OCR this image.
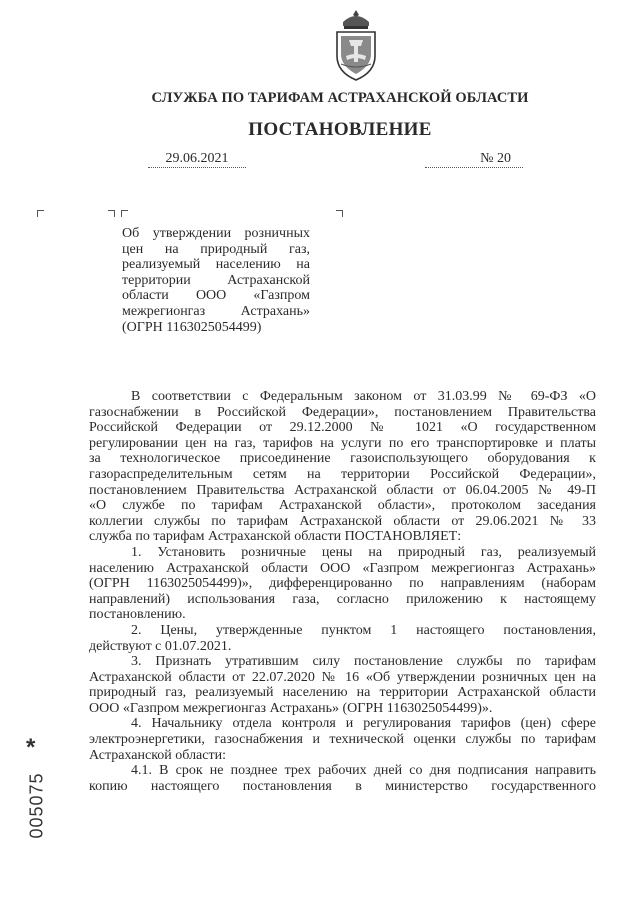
СЛУЖБА ПО ТАРИФАМ АСТРАХАНСКОЙ ОБЛАСТИ
ПОСТАНОВЛЕНИЕ
29.06.2021	№ 20
Об утверждении розничных
цен на природный газ,
реализуемый населению на
территории Астраханской
области ООО «Газпром
межрегионгаз Астрахань»
(ОГРН 1163025054499)
В соответствии с Федеральным законом от 31.03.99 № 69-ФЗ «О
газоснабжении в Российской Федерации», постановлением Правительства
Российской Федерации от 29.12.2000 № 1021 «О государственном
регулировании цен на газ, тарифов на услуги по его транспортировке и платы
за технологическое присоединение газоиспользующего оборудования к
газораспределительным сетям на территории Российской Федерации»,
постановлением Правительства Астраханской области от 06.04.2005 № 49-П
«О службе по тарифам Астраханской области», протоколом заседания
коллегии службы по тарифам Астраханской области от 29.06.2021 № 33
служба по тарифам Астраханской области ПОСТАНОВЛЯЕТ:
1. Установить розничные цены на природный газ, реализуемый
населению Астраханской области ООО «Газпром межрегионгаз Астрахань»
(ОГРН 1163025054499)», дифференцированно по направлениям (наборам
направлений) использования газа, согласно приложению к настоящему
постановлению.
2. Цены, утвержденные пунктом 1 настоящего постановления,
действуют с 01.07.2021.
3. Признать утратившим силу постановление службы по тарифам
Астраханской области от 22.07.2020 № 16 «Об утверждении розничных цен на
природный газ, реализуемый населению на территории Астраханской области
ООО «Газпром межрегионгаз Астрахань» (ОГРН 1163025054499)».
4. Начальнику отдела контроля и регулирования тарифов (цен) сфере
электроэнергетики, газоснабжения и технической оценки службы по тарифам
Астраханской области:
4.1. В срок не позднее трех рабочих дней со дня подписания направить
копию настоящего постановления в министерство государственного
*
005075
